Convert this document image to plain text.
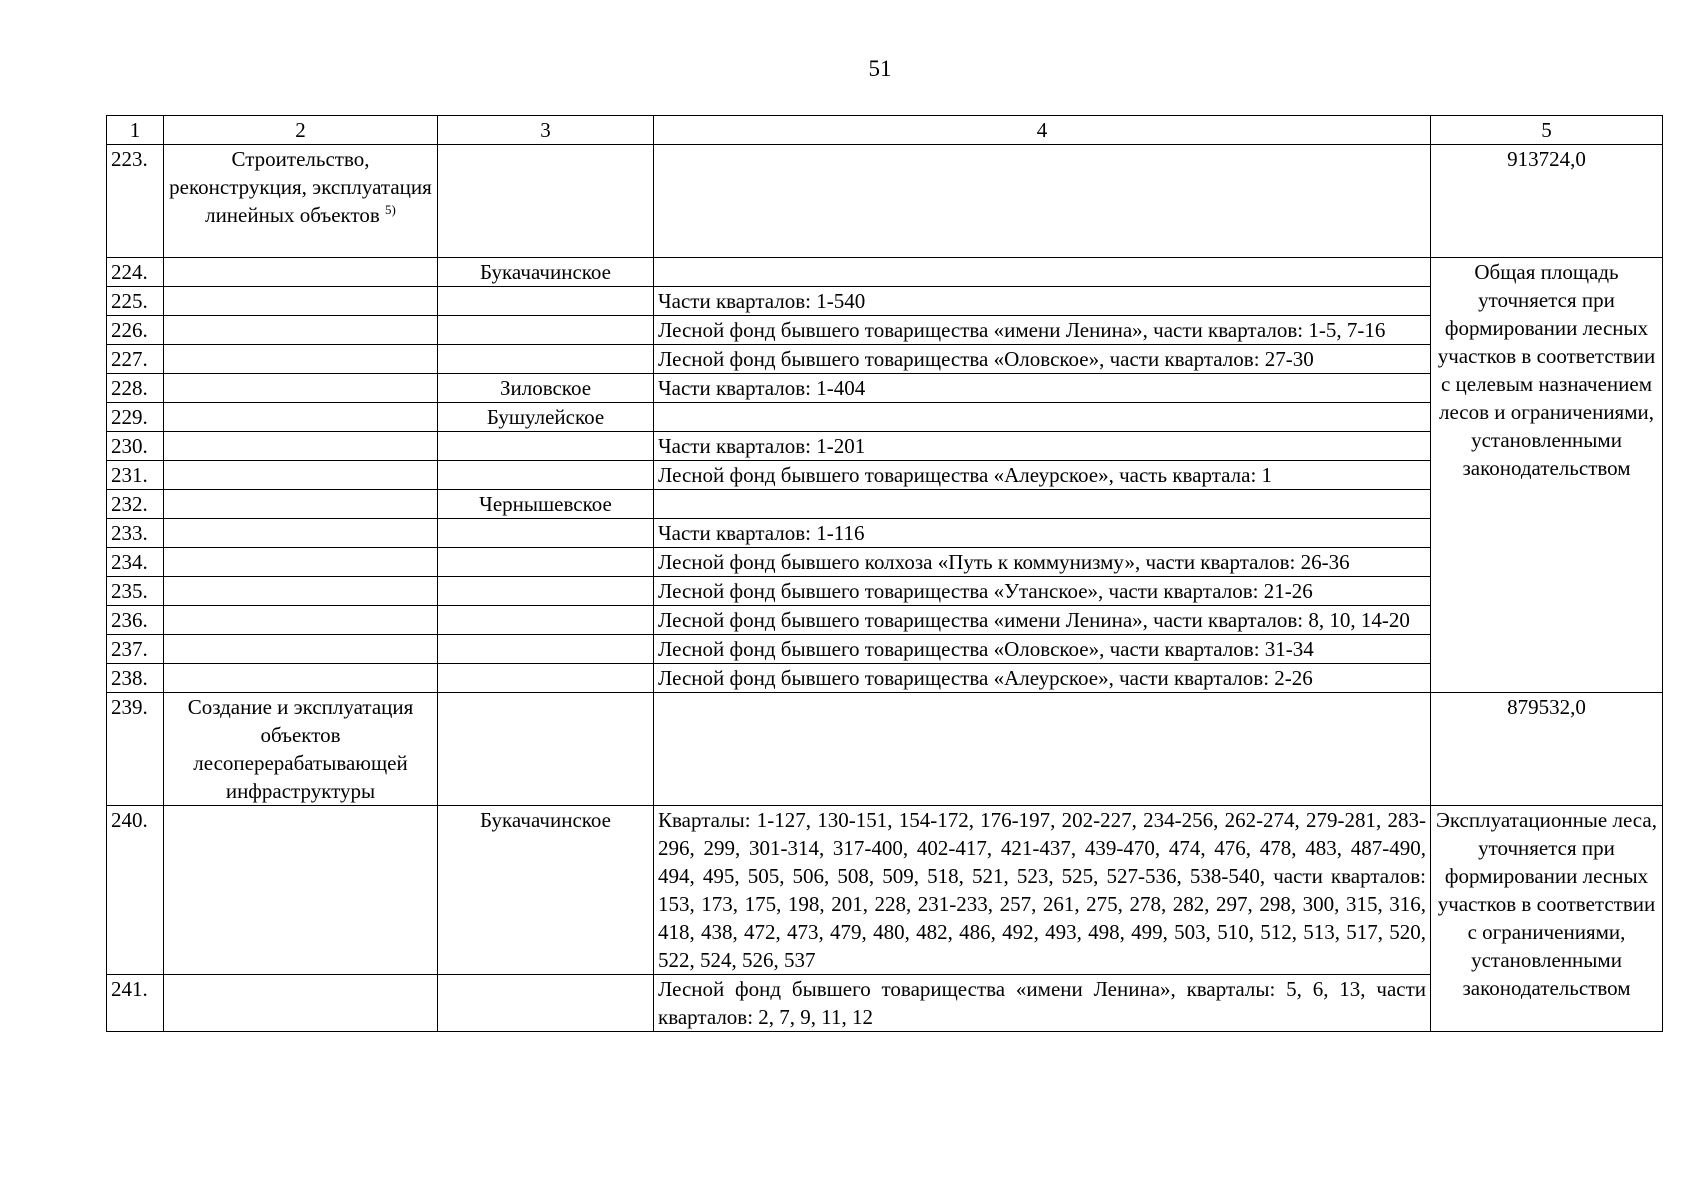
51
1	2	3	4	5
223.	Строительство, реконструкция, эксплуатация линейных объектов $^{5)}$			913724,0
224.		Букачачинское		Общая площадь уточняется при формировании лесных участков в соответствии с целевым назначением лесов и ограничениями, установленными законодательством
225.			Части кварталов: 1-540	
226.			Лесной фонд бывшего товарищества «имени Ленина», части кварталов: 1-5, 7-16	
227.			Лесной фонд бывшего товарищества «Оловское», части кварталов: 27-30	
228.		Зиловское	Части кварталов: 1-404	
229.		Бушулейское		
230.			Части кварталов: 1-201	
231.			Лесной фонд бывшего товарищества «Алеурское», часть квартала: 1	
232.		Чернышевское		
233.			Части кварталов: 1-116	
234.			Лесной фонд бывшего колхоза «Путь к коммунизму», части кварталов: 26-36	
235.			Лесной фонд бывшего товарищества «Утанское», части кварталов: 21-26	
236.			Лесной фонд бывшего товарищества «имени Ленина», части кварталов: 8, 10, 14-20	
237.			Лесной фонд бывшего товарищества «Оловское», части кварталов: 31-34	
238.			Лесной фонд бывшего товарищества «Алеурское», части кварталов: 2-26	
239.	Создание и эксплуатация объектов лесоперерабатывающей инфраструктуры			879532,0
240.		Букачачинское	Кварталы: 1-127, 130-151, 154-172, 176-197, 202-227, 234-256, 262-274, 279-281, 283-296, 299, 301-314, 317-400, 402-417, 421-437, 439-470, 474, 476, 478, 483, 487-490, 494, 495, 505, 506, 508, 509, 518, 521, 523, 525, 527-536, 538-540, части кварталов: 153, 173, 175, 198, 201, 228, 231-233, 257, 261, 275, 278, 282, 297, 298, 300, 315, 316, 418, 438, 472, 473, 479, 480, 482, 486, 492, 493, 498, 499, 503, 510, 512, 513, 517, 520, 522, 524, 526, 537	Эксплуатационные леса, уточняется при формировании лесных участков в соответствии с ограничениями, установленными законодательством
241.			Лесной фонд бывшего товарищества «имени Ленина», кварталы: 5, 6, 13, части кварталов: 2, 7, 9, 11, 12	
